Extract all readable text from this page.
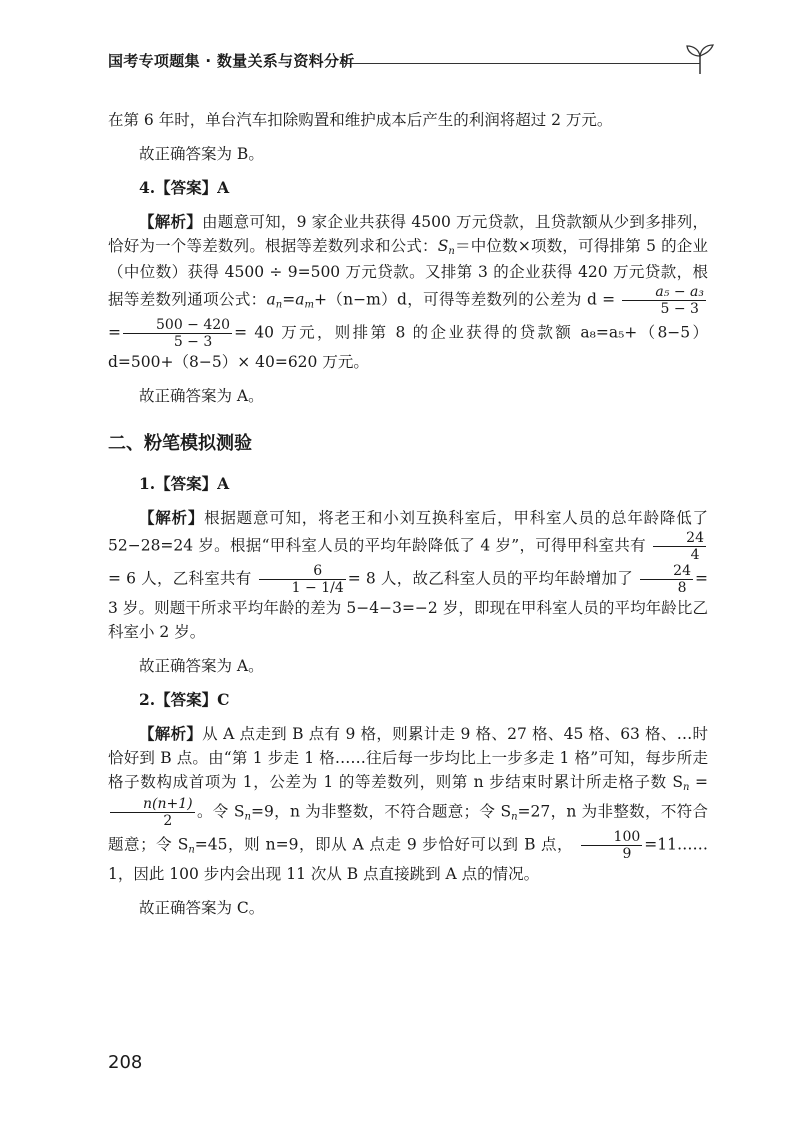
国考专项题集 · 数量关系与资料分析

在第 6 年时，单台汽车扣除购置和维护成本后产生的利润将超过 2 万元。

故正确答案为 B。

4.【答案】A

【解析】由题意可知，9 家企业共获得 4500 万元贷款，且贷款额从少到多排列，恰好为一个等差数列。根据等差数列求和公式：$S_n=$中位数×项数，可得排第 5 的企业（中位数）获得 4500 ÷ 9=500 万元贷款。又排第 3 的企业获得 420 万元贷款，根据等差数列通项公式：$a_n=a_m+(n-m)d$，可得等差数列的公差为 $d = \frac{\text{a₅ − a₃}}{5 - 3}$
= $\frac{500 - 420}{5 - 3} = 40$ 万元，则排第 8 的企业获得的贷款额 a₈=a₅+（8−5）d=500+（8−5）× 40=620 万元。

故正确答案为 A。

二、粉笔模拟测验

1.【答案】A

【解析】根据题意可知，将老王和小刘互换科室后，甲科室人员的总年龄降低了 52−28=24 岁。根据“甲科室人员的平均年龄降低了 4 岁”，可得甲科室共有 $\frac{24}{4}$
= 6 人，乙科室共有 $\frac{6}{1 - 1/4} = 8$ 人，故乙科室人员的平均年龄增加了 $\frac{24}{8} = 3$ 岁。则题干所求平均年龄的差为 5−4−3=−2 岁，即现在甲科室人员的平均年龄比乙科室小 2 岁。

故正确答案为 A。

2.【答案】C

【解析】从 A 点走到 B 点有 9 格，则累计走 9 格、27 格、45 格、63 格、…时恰好到 B 点。由“第 1 步走 1 格……往后每一步均比上一步多走 1 格”可知，每步所走格子数构成首项为 1，公差为 1 的等差数列，则第 n 步结束时累计所走格子数 $S_n$ =
$\frac{n(n+1)}{2}$ 。令 $S_n=9$，n 为非整数，不符合题意；令 $S_n=27$，n 为非整数，不符合题意；令 $S_n=45$，则 n=9，即从 A 点走 9 步恰好可以到 B 点， $\frac{100}{9}$ =11……1，因此 100 步内会出现 11 次从 B 点直接跳到 A 点的情况。

故正确答案为 C。

208
